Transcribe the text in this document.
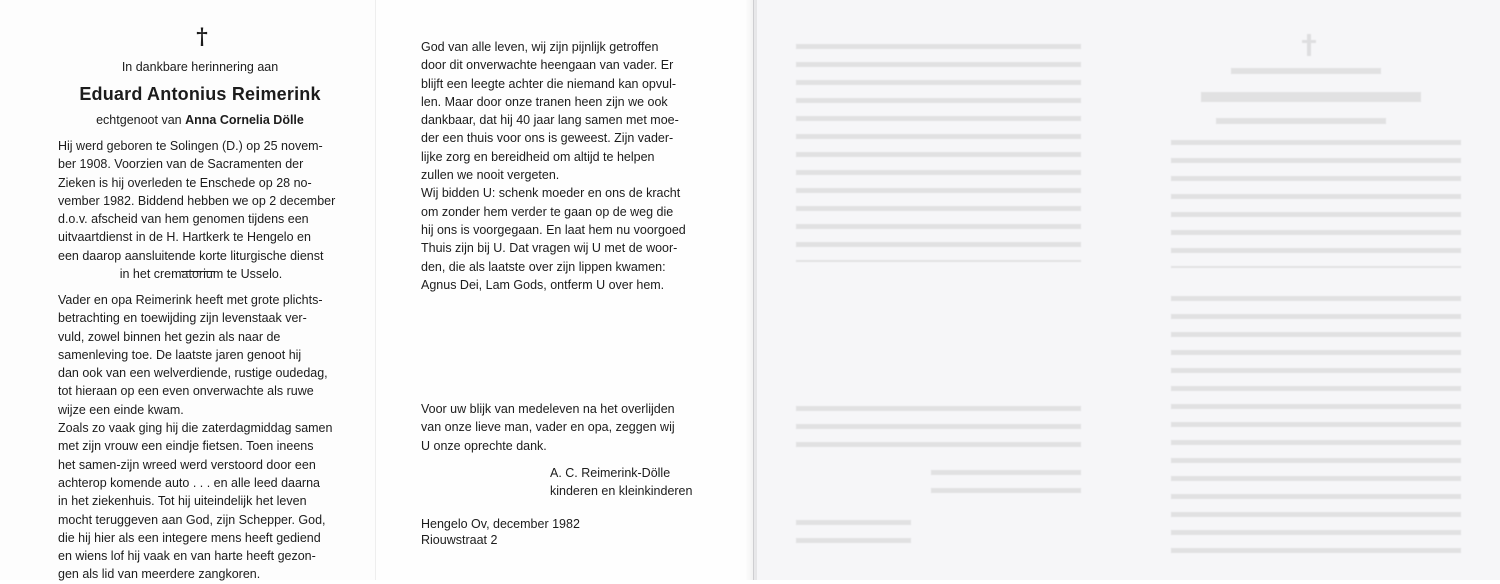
†
In dankbare herinnering aan
Eduard Antonius Reimerink
echtgenoot van Anna Cornelia Dölle
Hij werd geboren te Solingen (D.) op 25 novem-
ber 1908. Voorzien van de Sacramenten der
Zieken is hij overleden te Enschede op 28 no-
vember 1982. Biddend hebben we op 2 december
d.o.v. afscheid van hem genomen tijdens een
uitvaartdienst in de H. Hartkerk te Hengelo en
een daarop aansluitende korte liturgische dienst
in het crematorium te Usselo.
Vader en opa Reimerink heeft met grote plichts-
betrachting en toewijding zijn levenstaak ver-
vuld, zowel binnen het gezin als naar de
samenleving toe. De laatste jaren genoot hij
dan ook van een welverdiende, rustige oudedag,
tot hieraan op een even onverwachte als ruwe
wijze een einde kwam.
Zoals zo vaak ging hij die zaterdagmiddag samen
met zijn vrouw een eindje fietsen. Toen ineens
het samen-zijn wreed werd verstoord door een
achterop komende auto . . . en alle leed daarna
in het ziekenhuis. Tot hij uiteindelijk het leven
mocht teruggeven aan God, zijn Schepper. God,
die hij hier als een integere mens heeft gediend
en wiens lof hij vaak en van harte heeft gezon-
gen als lid van meerdere zangkoren.
God van alle leven, wij zijn pijnlijk getroffen
door dit onverwachte heengaan van vader. Er
blijft een leegte achter die niemand kan opvul-
len. Maar door onze tranen heen zijn we ook
dankbaar, dat hij 40 jaar lang samen met moe-
der een thuis voor ons is geweest. Zijn vader-
lijke zorg en bereidheid om altijd te helpen
zullen we nooit vergeten.
Wij bidden U: schenk moeder en ons de kracht
om zonder hem verder te gaan op de weg die
hij ons is voorgegaan. En laat hem nu voorgoed
Thuis zijn bij U. Dat vragen wij U met de woor-
den, die als laatste over zijn lippen kwamen:
Agnus Dei, Lam Gods, ontferm U over hem.
Voor uw blijk van medeleven na het overlijden
van onze lieve man, vader en opa, zeggen wij
U onze oprechte dank.
A. C. Reimerink-Dölle
kinderen en kleinkinderen
Hengelo Ov, december 1982
Riouwstraat 2
